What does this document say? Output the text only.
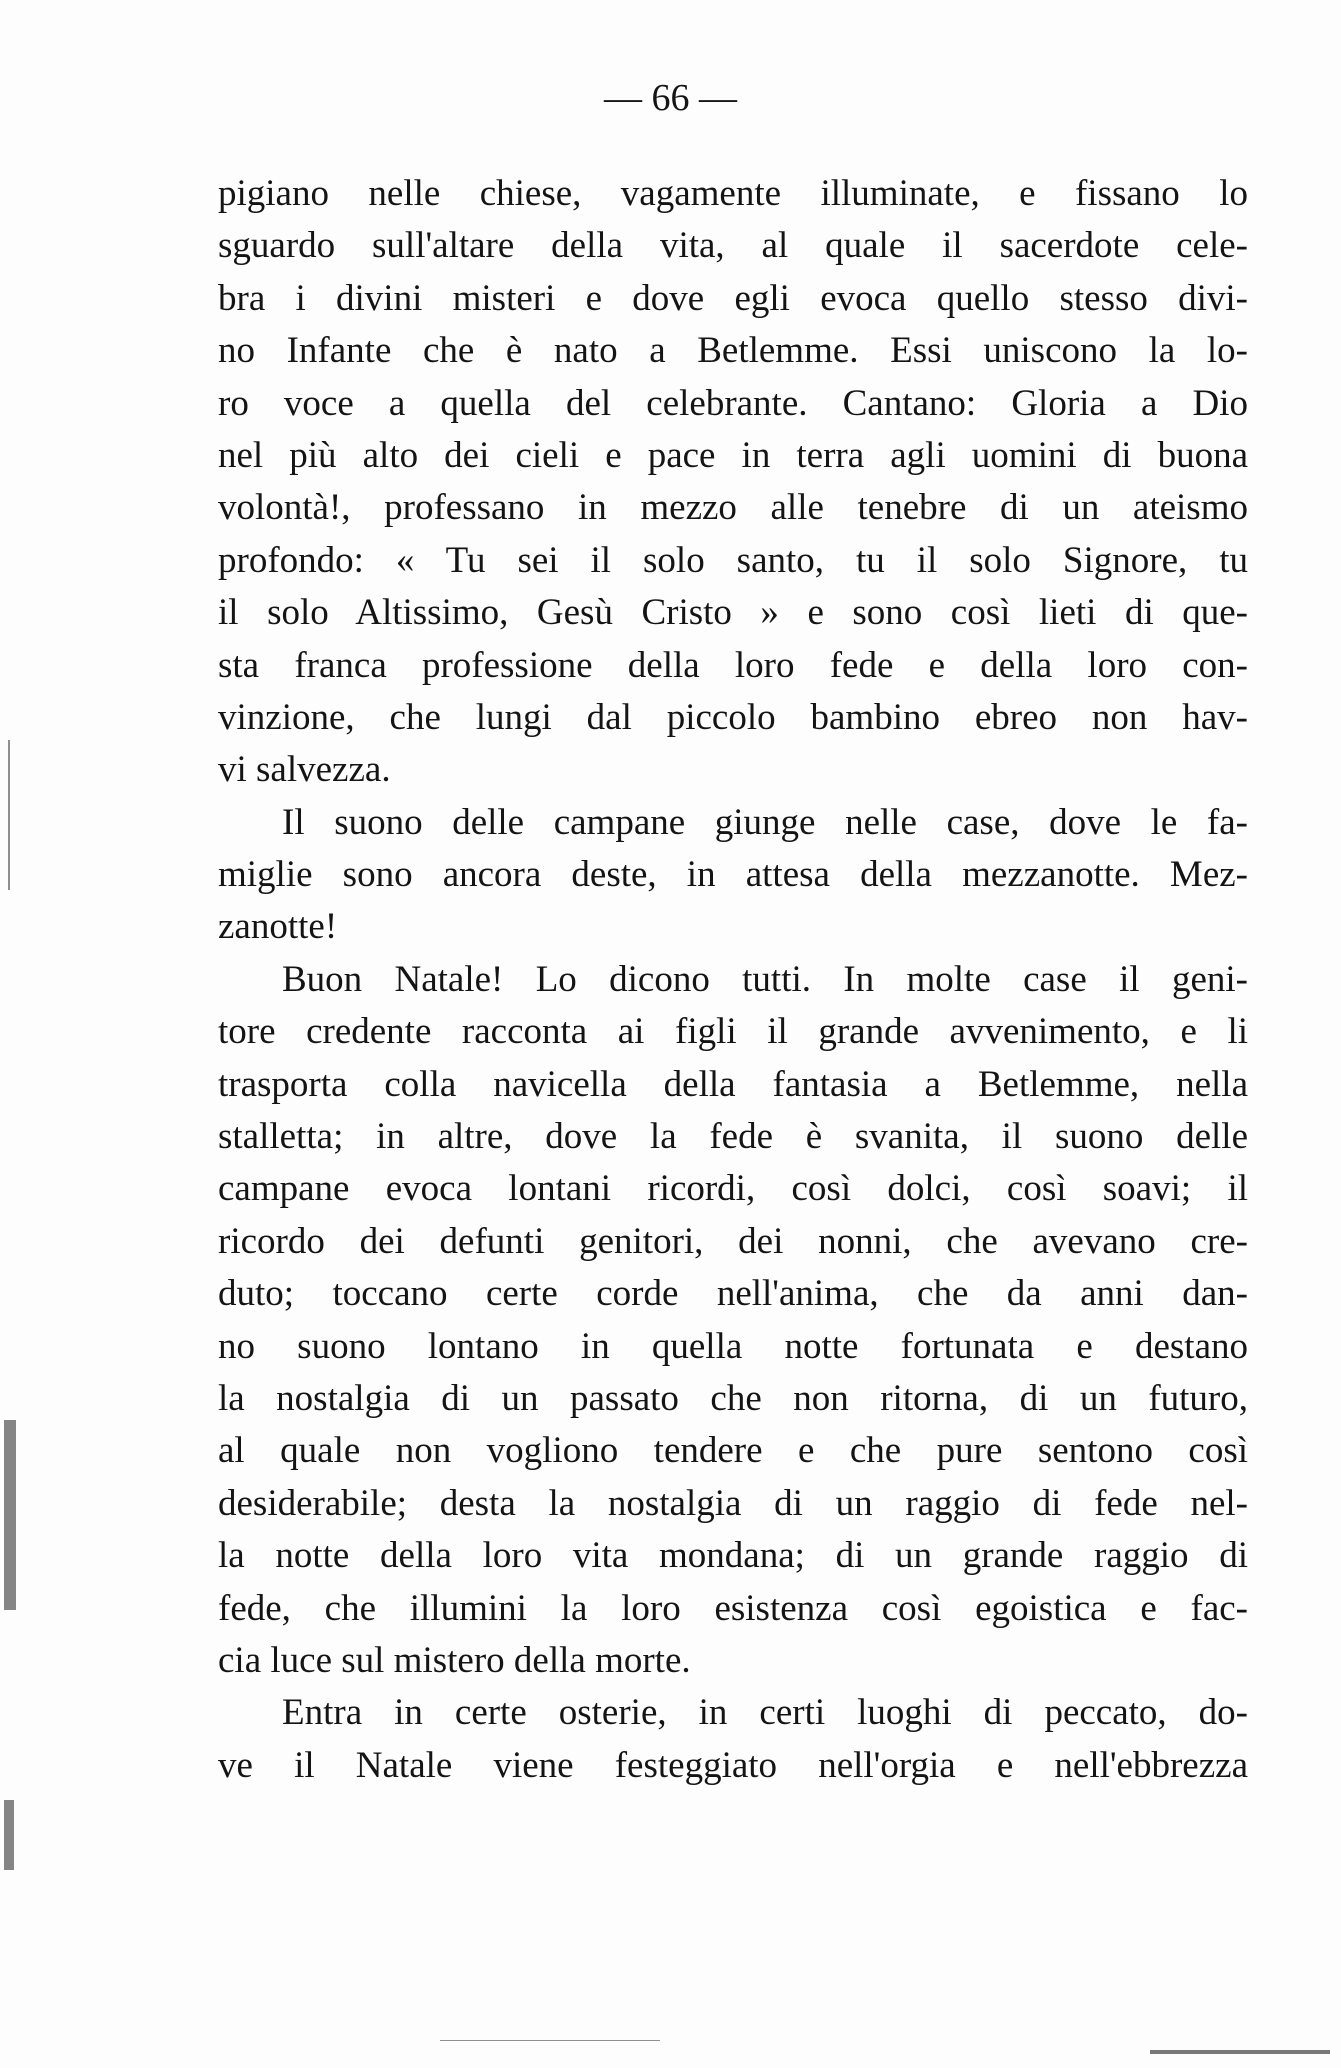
— 66 —
pigiano nelle chiese, vagamente illuminate, e fissano lo
sguardo sull'altare della vita, al quale il sacerdote cele-
bra i divini misteri e dove egli evoca quello stesso divi-
no Infante che è nato a Betlemme. Essi uniscono la lo-
ro voce a quella del celebrante. Cantano: Gloria a Dio
nel più alto dei cieli e pace in terra agli uomini di buona
volontà!, professano in mezzo alle tenebre di un ateismo
profondo: « Tu sei il solo santo, tu il solo Signore, tu
il solo Altissimo, Gesù Cristo » e sono così lieti di que-
sta franca professione della loro fede e della loro con-
vinzione, che lungi dal piccolo bambino ebreo non hav-
vi salvezza.
Il suono delle campane giunge nelle case, dove le fa-
miglie sono ancora deste, in attesa della mezzanotte. Mez-
zanotte!
Buon Natale! Lo dicono tutti. In molte case il geni-
tore credente racconta ai figli il grande avvenimento, e li
trasporta colla navicella della fantasia a Betlemme, nella
stalletta; in altre, dove la fede è svanita, il suono delle
campane evoca lontani ricordi, così dolci, così soavi; il
ricordo dei defunti genitori, dei nonni, che avevano cre-
duto; toccano certe corde nell'anima, che da anni dan-
no suono lontano in quella notte fortunata e destano
la nostalgia di un passato che non ritorna, di un futuro,
al quale non vogliono tendere e che pure sentono così
desiderabile; desta la nostalgia di un raggio di fede nel-
la notte della loro vita mondana; di un grande raggio di
fede, che illumini la loro esistenza così egoistica e fac-
cia luce sul mistero della morte.
Entra in certe osterie, in certi luoghi di peccato, do-
ve il Natale viene festeggiato nell'orgia e nell'ebbrezza
